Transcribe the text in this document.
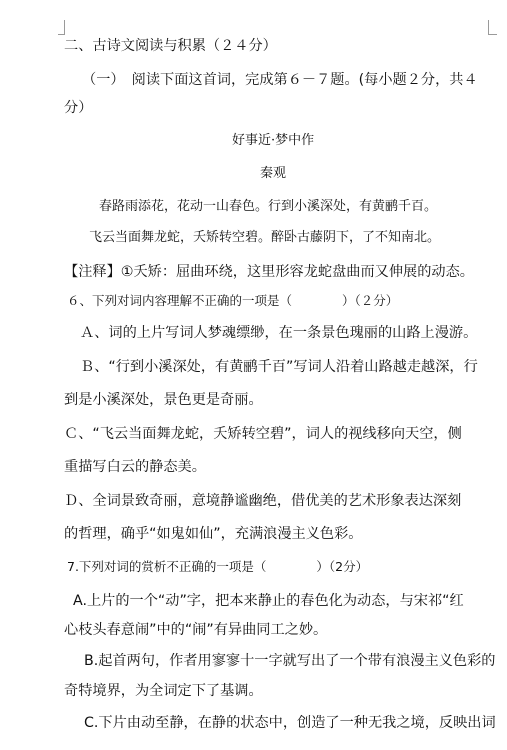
二、古诗文阅读与积累（２４分）
（一）　阅读下面这首词，完成第６－７题。(每小题２分，共４
分）
好事近·梦中作
秦观
春路雨添花，花动一山春色。行到小溪深处，有黄鹂千百。
飞云当面舞龙蛇，夭矫转空碧。醉卧古藤阴下，了不知南北。
【注释】①夭矫：屈曲环绕，这里形容龙蛇盘曲而又伸展的动态。
６、下列对词内容理解不正确的一项是（　　　　）（２分）
Ａ、词的上片写词人梦魂缥缈，在一条景色瑰丽的山路上漫游。
Ｂ、“行到小溪深处，有黄鹂千百”写词人沿着山路越走越深，行
到是小溪深处，景色更是奇丽。
Ｃ、“飞云当面舞龙蛇，夭矫转空碧”，词人的视线移向天空，侧
重描写白云的静态美。
Ｄ、全词景致奇丽，意境静谧幽绝，借优美的艺术形象表达深刻
的哲理，确乎“如鬼如仙”，充满浪漫主义色彩。
7.下列对词的赏析不正确的一项是（　　　　）（2分）
A.上片的一个“动”字，把本来静止的春色化为动态，与宋祁“红
心枝头春意闹”中的“闹”有异曲同工之妙。
B.起首两句，作者用寥寥十一字就写出了一个带有浪漫主义色彩的
奇特境界，为全词定下了基调。
C.下片由动至静，在静的状态中，创造了一种无我之境，反映出词
